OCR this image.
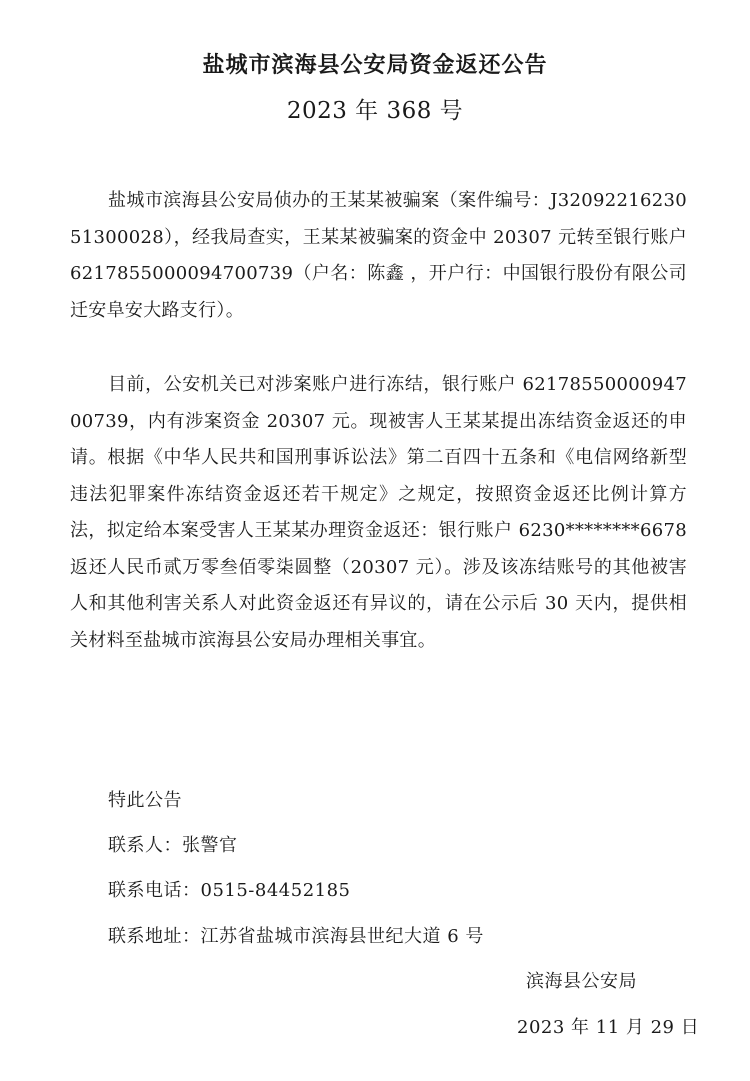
盐城市滨海县公安局资金返还公告
2023 年 368 号

盐城市滨海县公安局侦办的王某某被骗案（案件编号：J3209221623051300028），经我局查实，王某某被骗案的资金中 20307 元转至银行账户 6217855000094700739（户名：陈鑫 ，开户行：中国银行股份有限公司迁安阜安大路支行）。

目前，公安机关已对涉案账户进行冻结，银行账户 6217855000094700739，内有涉案资金 20307 元。现被害人王某某提出冻结资金返还的申请。根据《中华人民共和国刑事诉讼法》第二百四十五条和《电信网络新型违法犯罪案件冻结资金返还若干规定》之规定，按照资金返还比例计算方法，拟定给本案受害人王某某办理资金返还：银行账户 6230********6678 返还人民币贰万零叁佰零柒圆整（20307 元）。涉及该冻结账号的其他被害人和其他利害关系人对此资金返还有异议的，请在公示后 30 天内，提供相关材料至盐城市滨海县公安局办理相关事宜。

特此公告

联系人：张警官

联系电话：0515-84452185

联系地址：江苏省盐城市滨海县世纪大道 6 号

滨海县公安局

2023 年 11 月 29 日
